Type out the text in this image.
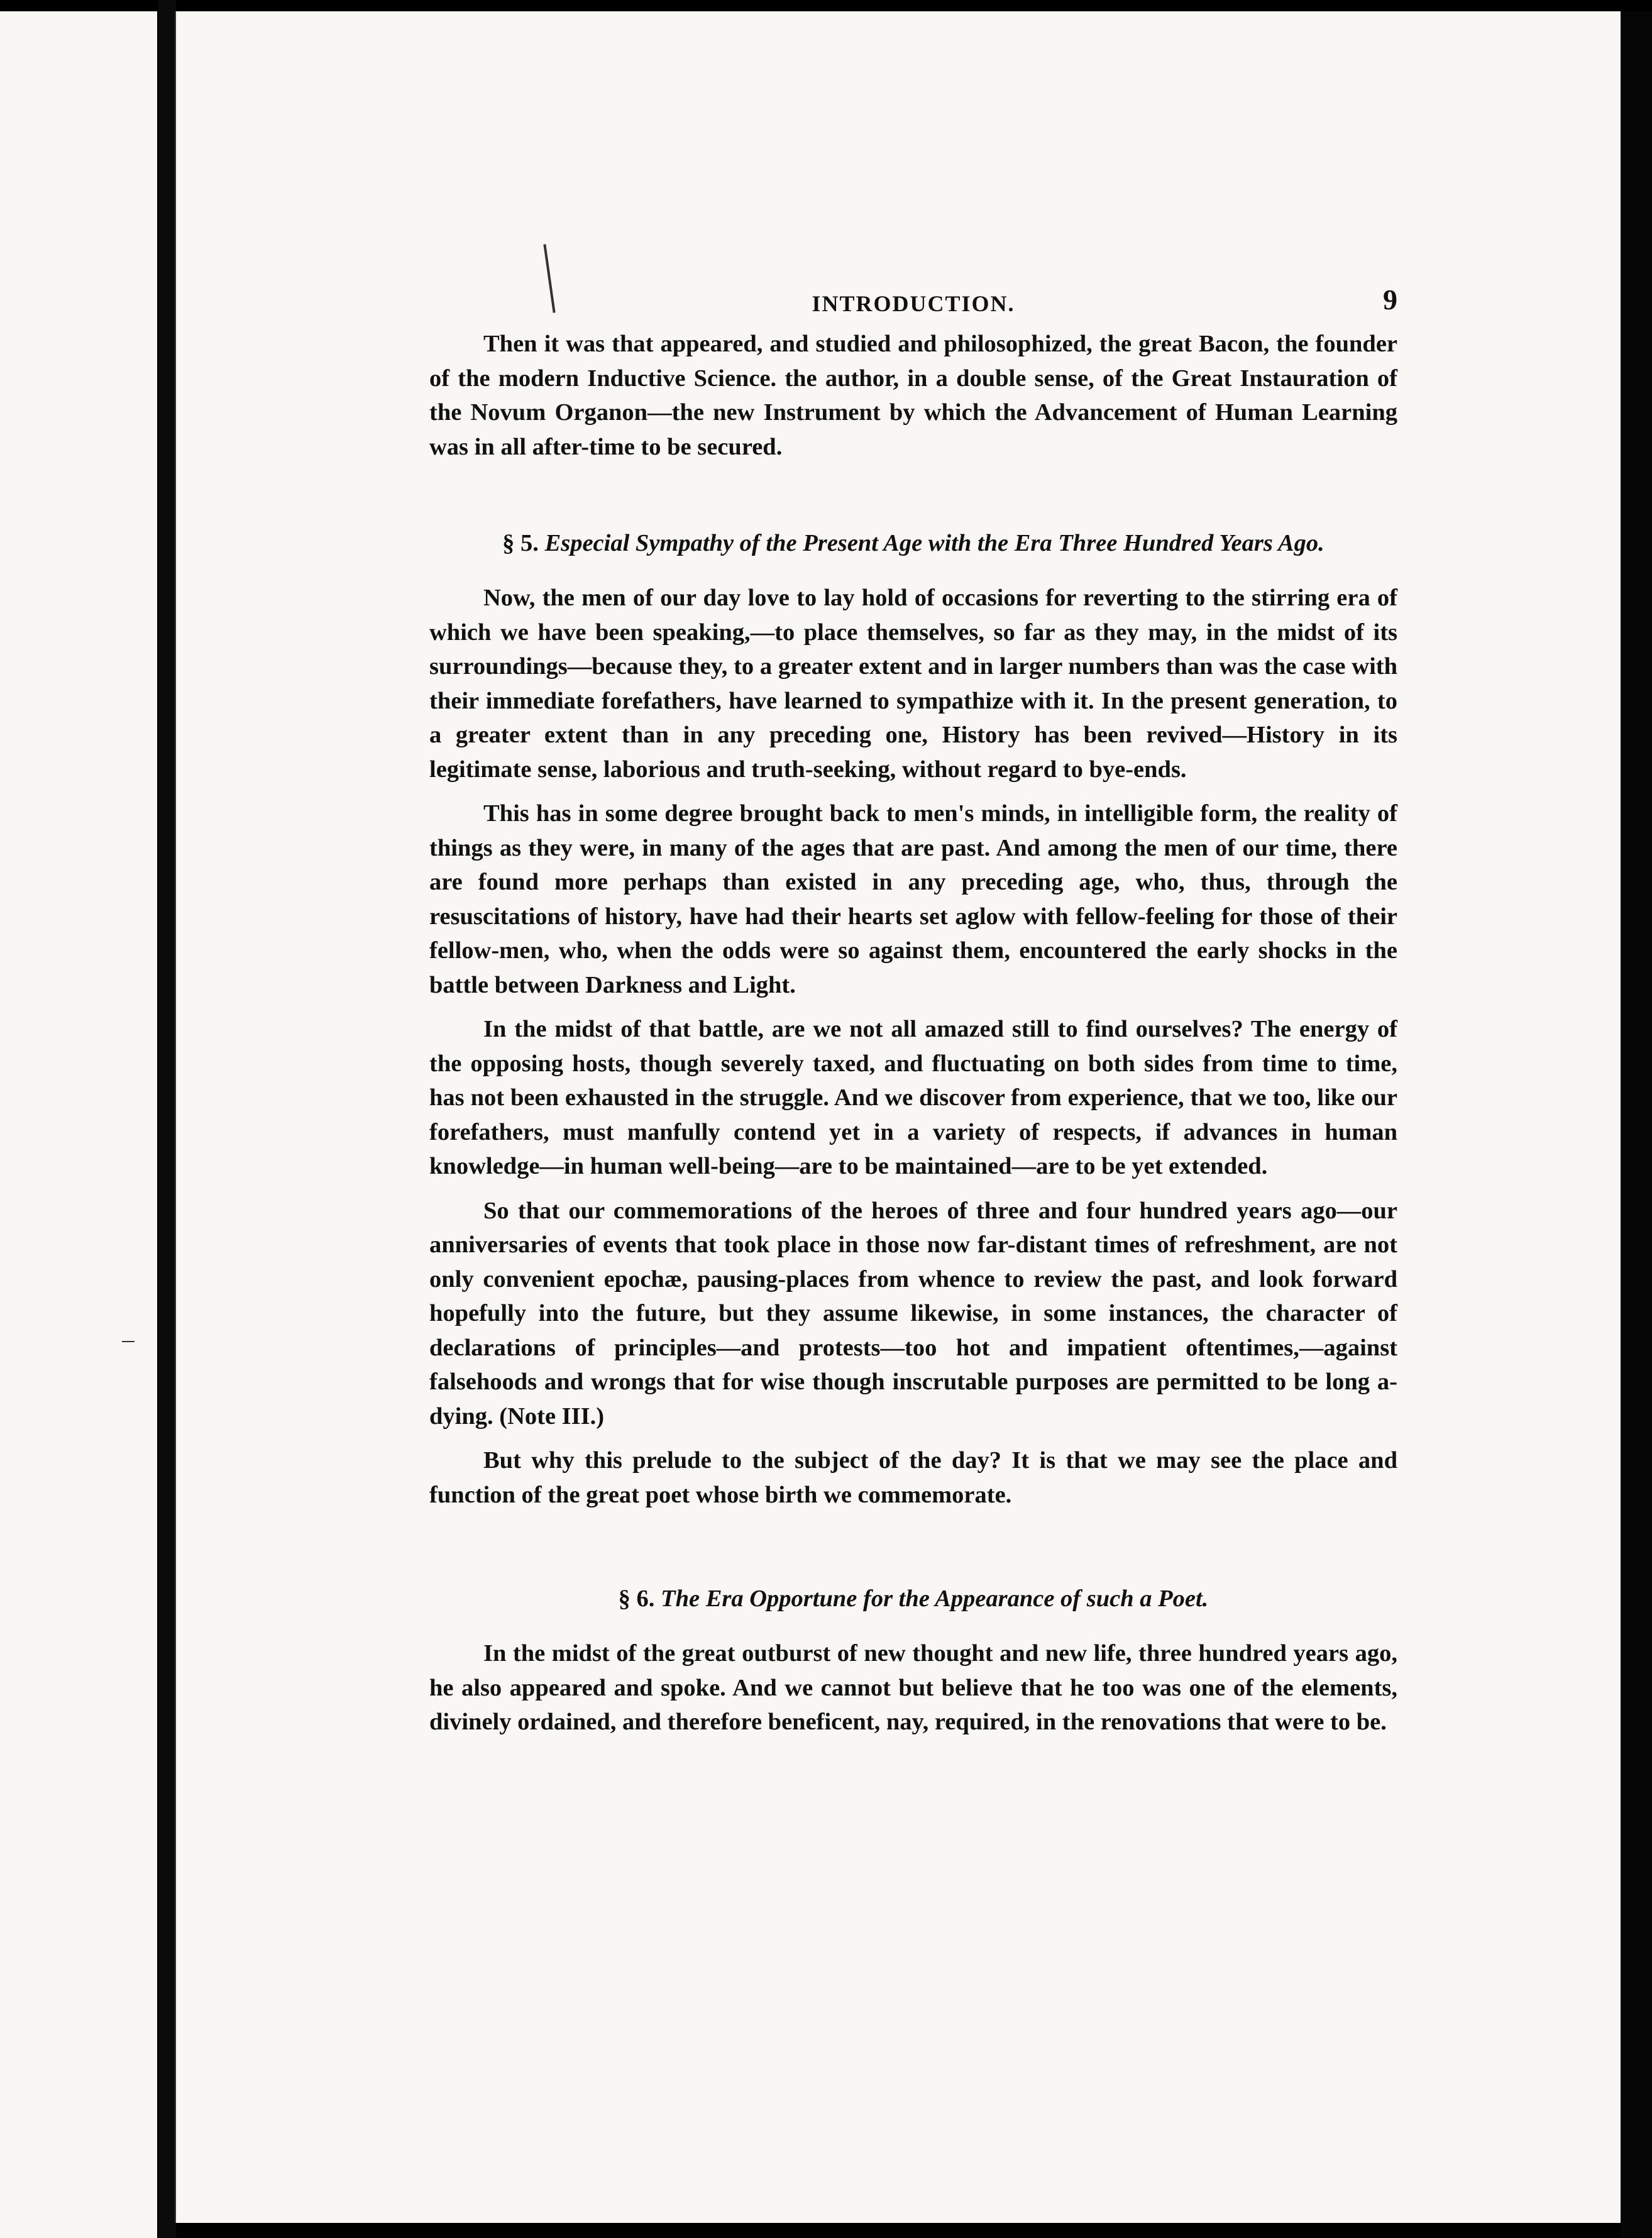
INTRODUCTION.	9

Then it was that appeared, and studied and philosophized, the great Bacon, the founder of the modern Inductive Science. the author, in a double sense, of the Great Instauration of the Novum Organon—the new Instrument by which the Advancement of Human Learning was in all after-time to be secured.

§ 5. Especial Sympathy of the Present Age with the Era Three Hundred Years Ago.

Now, the men of our day love to lay hold of occasions for reverting to the stirring era of which we have been speaking,—to place themselves, so far as they may, in the midst of its surroundings—because they, to a greater extent and in larger numbers than was the case with their immediate forefathers, have learned to sympathize with it. In the present generation, to a greater extent than in any preceding one, History has been revived—History in its legitimate sense, laborious and truth-seeking, without regard to bye-ends.

This has in some degree brought back to men's minds, in intelligible form, the reality of things as they were, in many of the ages that are past. And among the men of our time, there are found more perhaps than existed in any preceding age, who, thus, through the resuscitations of history, have had their hearts set aglow with fellow-feeling for those of their fellow-men, who, when the odds were so against them, encountered the early shocks in the battle between Darkness and Light.

In the midst of that battle, are we not all amazed still to find ourselves? The energy of the opposing hosts, though severely taxed, and fluctuating on both sides from time to time, has not been exhausted in the struggle. And we discover from experience, that we too, like our forefathers, must manfully contend yet in a variety of respects, if advances in human knowledge—in human well-being—are to be maintained—are to be yet extended.

So that our commemorations of the heroes of three and four hundred years ago—our anniversaries of events that took place in those now far-distant times of refreshment, are not only convenient epochæ, pausing-places from whence to review the past, and look forward hopefully into the future, but they assume likewise, in some instances, the character of declarations of principles—and protests—too hot and impatient oftentimes,—against falsehoods and wrongs that for wise though inscrutable purposes are permitted to be long a-dying. (Note III.)

But why this prelude to the subject of the day? It is that we may see the place and function of the great poet whose birth we commemorate.

§ 6. The Era Opportune for the Appearance of such a Poet.

In the midst of the great outburst of new thought and new life, three hundred years ago, he also appeared and spoke. And we cannot but believe that he too was one of the elements, divinely ordained, and therefore beneficent, nay, required, in the renovations that were to be.
